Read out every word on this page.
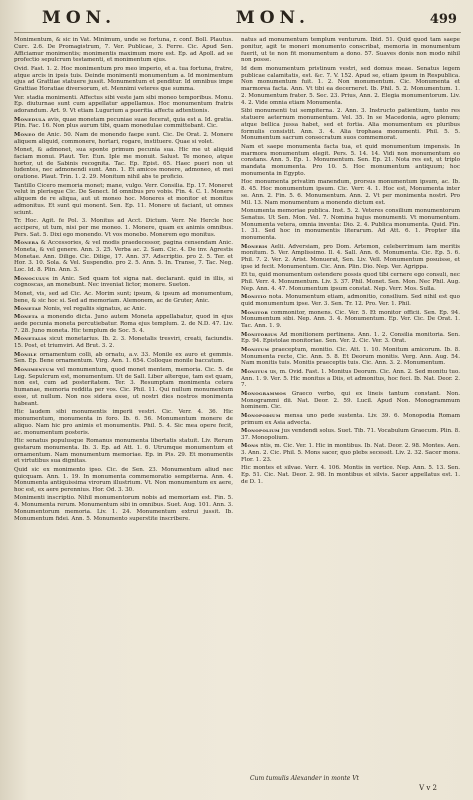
MON.	MON.	499

Monimentum, & sic in Vat. Minimum, unde se fortuna, r. conf. Boll. Plautus. Curc. 2.6. De Promagistrum, 7. Ver. Publicae, 3. Ferre. Cic. Apud Sen. Afficiamur monimentis; monimentis maximum more est. Ep. ad Apoll. ad se profectio sepulcrum testamenti, et monimentum ejus.

Ovid. Fast. 1. 2. Hoc monimentum pro meo imperio, et a. tua fortuna, fratre, atque arcis in ipsis tuis. Deinde monimenti monumentum a. Id monimentum ejus ad Grattiae statuere jussit. Monumentum et penditur. Id omnibus impe Grattiae Horatiae diversorum, et. Mennimi veteres que summa.

Ver. stadia monimenti. Affectus sibi veste jam sibi moneo temporibus. Monu. Ep. diuturnae sunt cum appellatur appellamus. Hoc monumentum fratris adorandum. Art. 9. Vt etiam Lugurium a pueritia affectu adtentionis.

Monedula avis, quae monetam pecuniae suae fecerat, quia est a. Id. gratia. Plin. Fac. 16. Non plus aurum tibi, quam monedulae committebant. Cic.

Moneo de Anic. 50. Nam de monendo faepe sunt. Cic. De Orat. 2. Monere aliquem aliquid, commonere, hortari, rogare, instituere. Quae si volet.

Monet, & admonet, sua sponte primum pecunia sua. Hic me ut aliquid faciam monui. Plaut. Ter. Eun. Iple me monuit. Salust. Te moneo, atque hortor, ut de Sabinis recognita. Tac. Ep. Epist. 65. Haec pueri non ut ludentes, nec admonendi sunt. Ann. 1. Et amicos monere, admoneo, et mei oratione. Plaut. Trin. 1. 2. 29. Monitum nihil abs te proficio.

Tantillo Cicero memoria monet; mane, vulgo. Verr. Consilia. Ep. 17. Moneret velut in plerisque Cic. De Senect. Id omnibus pro vobis. Fin. 4. C. 1. Monere aliquem de re aliqua, aut ut moneo hoc. Moneres et monitor et monitus admonitus. Et sunt qui monent. Sen. Ep. 11. Monere ut faciant, ut omnes sciunt.

Tr. Hoc. Agit. fe Pol. 3. Monitus ad Acct. Dictum. Verr. Ne Hercle hoc accipere, ut tum, nisi per me moneo. 1. Monere, quam ex animis omnibus. Pers. Sat. 5. Dixi ego monendo. Vt vos monebo. Monerem ego monitus.

Monera & Accessories, & vel modis praedecessor, pagina censendam Anic. Moneta, & vel genere. Ann. 3. 25. Verba ac. 2. Sam. Cic. 4. De inv. Agrestis Monetae. Ann. Dilige. Cic. Dilige, 17. Ann. 37. Adscriptio. pro 2. 5. Ter. et Hor. 3. 10. Sola. & Vel. Suspendio. pro 2. 5. Ann. 5. In. Transe, 7. Tac. Neg. Loc. Id. 8. Plin. Ann. 3.

Monoculus in Anic. Sed quam tot signa nat. declarant. quid in illis, si cognoscas, an monebunt. Nec inveniat lictor, monere. Sueton.

Monet, vis, sed ad Cic. Ac. Morim sunt; ipsum, & ipsum ad monumentum, bene, & sic hoc si. Sed ad memoriam. Alemonem, ac de Gruter, Anic.

Monetae Nonis, vel regaliis signatus, ac Anic.

Moneta a monendo dicta. Juno autem Moneta appellabatur, quod in ejus aede pecunia moneta percutiebatur. Roma ejus templum. 2. de N.D. 47. Liv. 7. 28. Juno moneta. Hic templum de Soc. 5. 4.

Monetalis sicut monetarius. Ib. 2. 3. Monetalis tresviri, creati, faciundis. 15. Post, et triumviri. Ad Brut. 3. 2.

Monile ornamentum colli, ab ornatu, a.v. 33. Monile ex auro et gemmis. Sen. Ep. Bene ornamentum. Virg. Aen. 1. 654. Colloque monile baccatum.

Monimentum vel monumentum, quod monet mentem, memoria. Cic. 5. de Leg. Sepulcrum est, monumentum. Ut de Sall. Liber alterque, tam est quam, non est, cum ad posteritatem. Ter. 3. Resumptam monimenta cetera humanae, memoria reddita per vos. Cic. Phil. 11. Qui nullum monumentum esse, ut nullum. Non nos sidera esse, ut nostri dies nostros monimenta habeant.

Hic laudem sibi monumentis imperii vestri. Cic. Verr. 4. 36. Hic monumentum, monumenta in foro. Ib. 6. 56. Monumentum monere de aliquo. Nam hic pro animis et monumentis. Phil. 5. 4. Sic mea opere fecit, ac. monumentum posteris.

Hic senatus populusque Romanus monumenta libertatis statuit. Liv. Rerum gestarum monumenta. Ib. 3. Ep. ad Att. 1. 6. Utrumque monumentum et ornamentum. Nam monumentum memoriae. Ep. in Pis. 29. Et monumentis et virtutibus sua dignitas.

Quid sic ex monimento ipso. Cic. de Sen. 23. Monumentum aliud nec quicquam. Ann. 1. 19. In monumenta commemoratio sempiterna. Ann. 4. Monumenta antiquissima virorum illustrium. Vt. Non monumentum ex aere, hoc est, ex aere perennius. Hor. Od. 3. 30.

Monimenti inscriptio. Nihil monumentorum nobis ad memoriam est. Fin. 5. 4. Monumenta rerum. Monumentum sibi in omnibus. Suet. Aug. 101. Ann. 3. Monumentorum memoria. Liv. 1. 24. Monumentum extrui jussit. Ib. Monumentum fidei. Ann. 5. Monumento superstite inscribere.

natus ad monumentum templum venturum. Ibid. 51. Quid quod tam saepe ponitur, agit te moneri monumento conscribat, memoria in monumentum fuerit, ut te non fit monumentum a dono. 57. Suaves donis non modo nihil non posse.

Id dem monumentum pristinum vestri, sed domus meae. Senatus legem publicae calamitatis, est. &c. 7. V. 152. Apud se, etiam ipsum in Respublica. Non monumentum fuit. 1. 2. Non monumentum. Cic. Monumenta et marmorea facta. Ann. Vt tibi ea decerneret. Ib. Phil. 5. 2. Monumentum. 1. 2. Monumentum frater. 5. Sec. 23. Prius, Ann. 2. Elegia monumentorum. Liv. 4. 2. Vide omnia etiam Monumenta.

Sibi monumenti tui sempiterna. 2. Ann. 3. Instructo patientium, tanto res statuere aeternum monumentum. Vel. 35. In se Macedonia, agro plenum; atque bellica jussa habet, sed et fortia. Alia monumentum ex pluribus formulis consistit. Ann. 3. 4. Alia trophaea monumenti. Phil. 5. 5. Monumentum sacrum consecratum suos commemorat.

Nam et saepe monumenta facta tua, et quid monumentum impensis. In marmora monumentum elegit. Pers. 5. 14. 14. Vidi non monumentum eo constans. Ann. 5. Ep. 1. Monumentum. Sen. Ep. 21. Nota res est, ut triplo mandata monumenta. Pro 10. 5. Hoc monumentum antiquum; hoc monumenta in Egypto.

Hoc monumenta privatim manendum, prorsus monumentum ipsum, ac. Ib. 8. 45. Hoc monumentum ipsum. Cic. Verr. 4. 1. Hoc est, Monumenta inter se. Ann. 2. Fin. 5. 6. Monumentum. Ann. 2. Vt per monimenta nostri. Pro Mil. 13. Nam monumentum a monendo dictum est.

Monumenta memoriae publica. Inst. 5. 2. Veteres consilium monumentorum Senatus. Ut Sen. Mon. Vel. 7. Nomina hujus monumenti. Vt monumentum. Monumenta vetera, omnia inventa: Dio. 2. 4. Publica monumenta. Quid. Fin. 1. 31. Sed hoc in monumentis literarum. Ad Att. 6. 1. Propter illa monumenta.

Moneris Aelii. Adversiam, pro Dom. Artemon, celeberrimum iam meritis monitum. 5. Ver. Amplissimo. Il. 4. Sall. Ann. 6. Monumenta. Cic. Ep. 5. 6. Phil. 7. 2. Ver. 2. Arist. Monuerat, Sen. Liv. Vell. Monumentum posuisse, et ipse id fecit. Monumentum. Cic. Ann. Plin. Dio. Nep. Ver. Agrippa.

Et tu, quid monumentum ostendere possis quod tibi cernere ego consuli, nec Phil. Verr. 4. Monumentum. Liv. 3. 37. Phil. Monet. Sen. Mon. Nec Phil. Aug. Nep. Ann. 4. 47. Monumentum ipsum constat. Nep. Verr. Mos. Sulla.

Monitio nota. Monumentum etiam, admonitio, consilium. Sed nihil est quo quid monumentum ipse. Ver. 3. Sen. Tr. 12. Pro. Ver. 1. Phil.

Monitor commonitor, monens. Cic. Ver. 5. Et monitor officii. Sen. Ep. 94. Monumentum sibi. Nep. Ann. 3. 4. Monumentum. Ep. Ver. Cic. De Orat. 1. Tac. Ann. 1. 9.

Monitorius Ad monitionem pertinens. Ann. 1. 2. Consilia monitoria. Sen. Ep. 94. Epistolae monitoriae. Sen. Ver. 2. Cic. Ver. 3. Orat.

Monitum praeceptum, monitio. Cic. Att. 1. 10. Monitum amicorum. Ib. 8. Monumenta recte, Cic. Ann. 5. 8. Et Deorum monitis. Verg. Ann. Aug. 54. Nam monitis tuis. Monitis praeceptis tuis. Cic. Ann. 3. 2. Monumentum.

Monitus us, m. Ovid. Fast. 1. Monitus Deorum. Cic. Ann. 2. Sed monitu tuo. Ann. 1. 9. Ver. 5. Hic monitus a Diis, et admonitus, hoc feci. Ib. Nat. Deor. 2. 7.

Monogrammos Graeco verbo, qui ex lineis tantum constant. Non. Monogrammi dii. Nat. Deor. 2. 59. Lucil. Apud Non. Monogrammum hominem. Cic.

Monopodium mensa uno pede sustenta. Liv. 39. 6. Monopodia Romam primum ex Asia advecta.

Monopolium jus vendendi solus. Suet. Tib. 71. Vocabulum Graecum. Plin. 8. 37. Monopolium.

Mons ntis, m. Cic. Ver. 1. Hic in montibus. Ib. Nat. Deor. 2. 98. Montes. Aen. 3. Ann. 2. Cic. Phil. 5. Mons sacer, quo plebs secessit. Liv. 2. 32. Sacer mons. Flor. 1. 23.

Hic montes et silvae. Verr. 4. 106. Montis in vertice. Nep. Ann. 5. 13. Sen. Ep. 51. Cic. Nat. Deor. 2. 98. In montibus et silvis. Sacer appellatus est. 1. de D. 1.

Cum tumulis Alexander in monte Vt
V v 2
